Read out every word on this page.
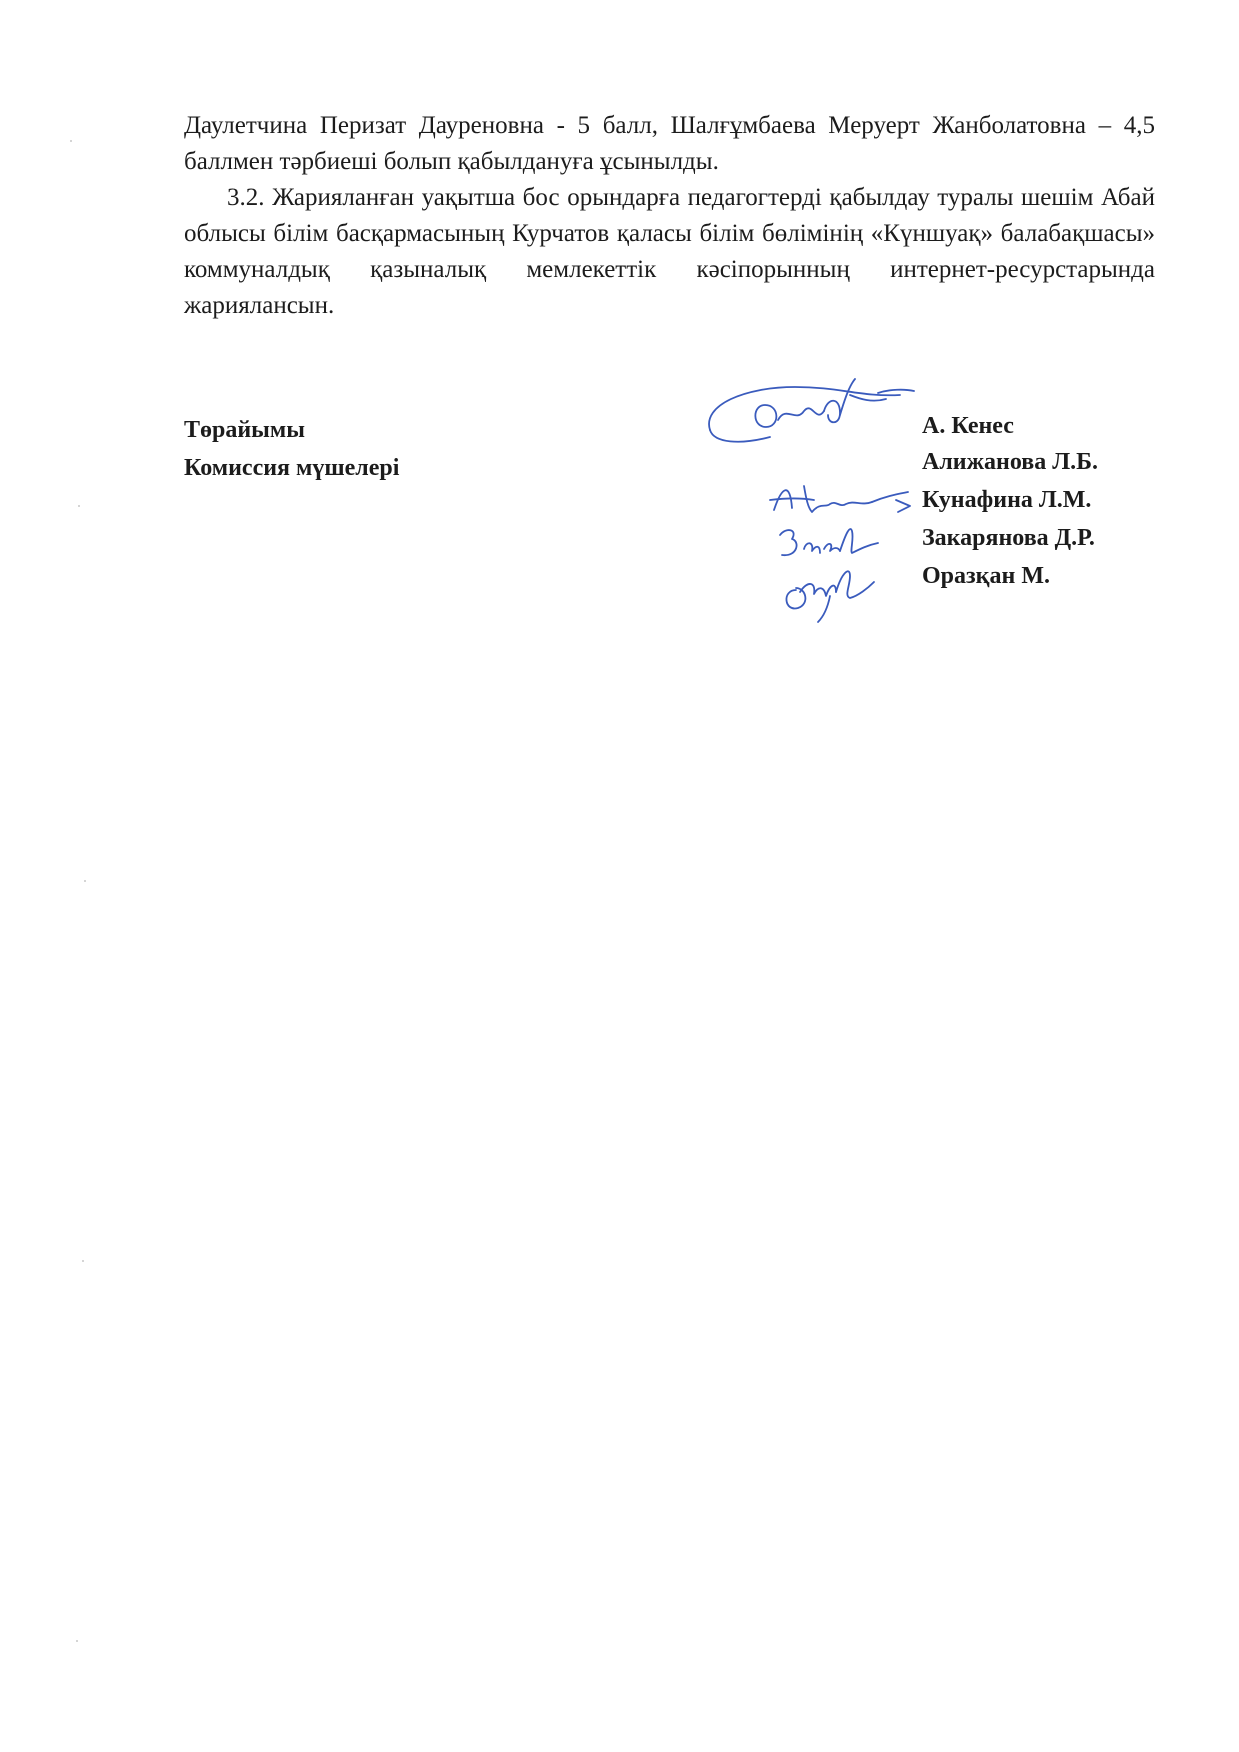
Даулетчина Перизат Дауреновна - 5 балл, Шалғұмбаева Меруерт Жанболатовна – 4,5 баллмен тәрбиеші болып қабылдануға ұсынылды.

3.2. Жарияланған уақытша бос орындарға педагогтерді қабылдау туралы шешім Абай облысы білім басқармасының Курчатов қаласы білім бөлімінің «Күншуақ» балабақшасы» коммуналдық қазыналық мемлекеттік кәсіпорынның интернет-ресурстарында жариялансын.

Төрайымы
Комиссия мүшелері
А. Кенес
Алижанова Л.Б.
Кунафина Л.М.
Закарянова Д.Р.
Оразқан М.
